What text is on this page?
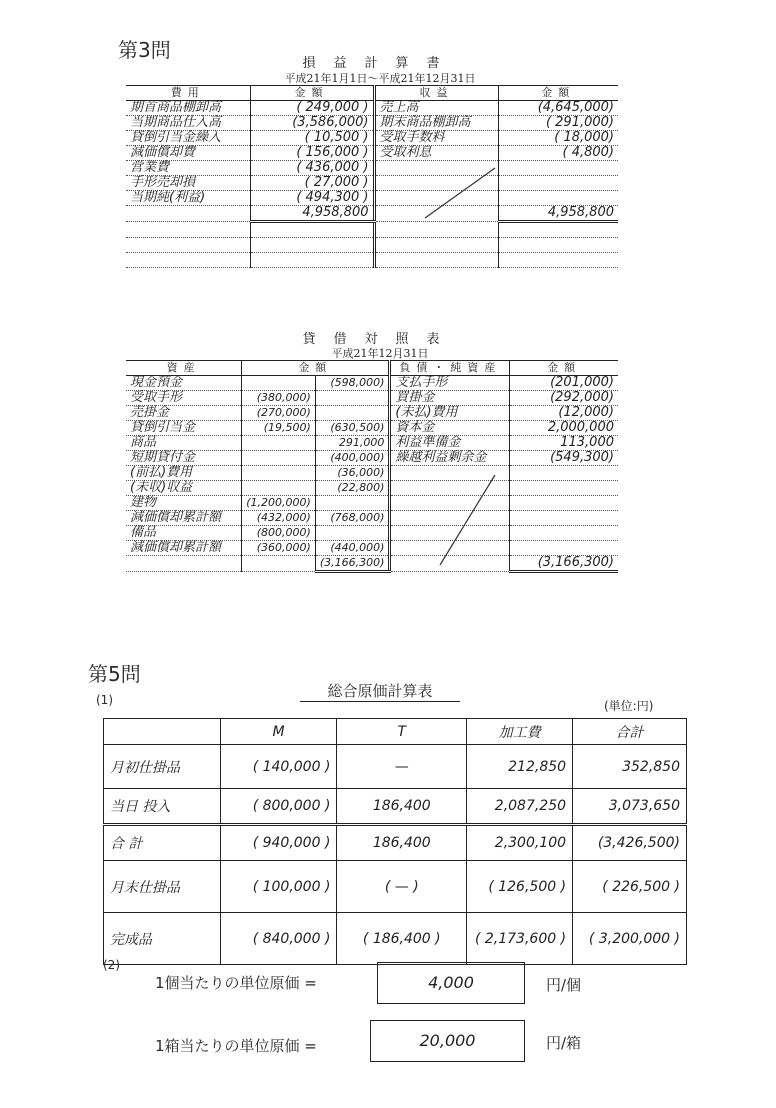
第3問
損益計算書
平成21年1月1日〜平成21年12月31日
費用	金額	収益	金額
期首商品棚卸高	( 249,000 )	売上高	(4,645,000)
当期商品仕入高	(3,586,000)	期末商品棚卸高	( 291,000)
貸倒引当金繰入	( 10,500 )	受取手数料	( 18,000)
減価償却費	( 156,000 )	受取利息	( 4,800)
営業費	( 436,000 )		
手形売却損	( 27,000 )		
当期純(利益)	( 494,300 )		
	4,958,800		4,958,800

貸借対照表
平成21年12月31日
資産	金額		負債・純資産	金額
現金預金		(598,000)	支払手形	(201,000)
受取手形	(380,000)		買掛金	(292,000)
売掛金	(270,000)		(未払)費用	(12,000)
貸倒引当金	(19,500)	(630,500)	資本金	2,000,000
商品		291,000	利益準備金	113,000
短期貸付金		(400,000)	繰越利益剰余金	(549,300)
(前払)費用		(36,000)		
(未収)収益		(22,800)		
建物	(1,200,000)			
減価償却累計額	(432,000)	(768,000)		
備品	(800,000)			
減価償却累計額	(360,000)	(440,000)		
		(3,166,300)		(3,166,300)
第5問
(1)	総合原価計算表
(単位:円)
	M	T	加工費	合計
月初仕掛品	( 140,000 )	—	212,850	352,850
当日 投入	( 800,000 )	186,400	2,087,250	3,073,650
合 計	( 940,000 )	186,400	2,300,100	(3,426,500)
月末仕掛品	( 100,000 )	( — )	( 126,500 )	( 226,500 )
完成品	( 840,000 )	( 186,400 )	( 2,173,600 )	( 3,200,000 )
(2)
1個当たりの単位原価 =	4,000	円/個
1箱当たりの単位原価 =	20,000	円/箱
